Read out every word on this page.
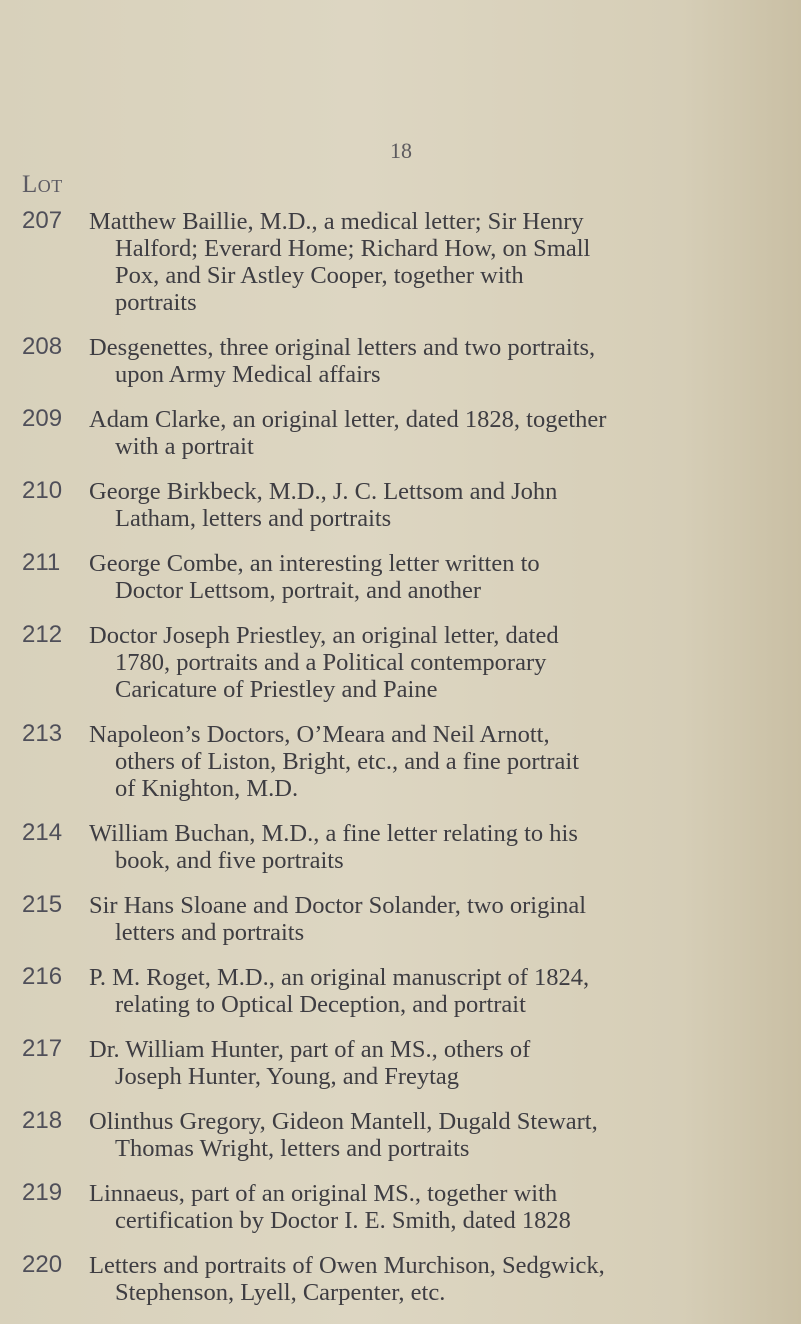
18
Lot
207	Matthew Baillie, M.D., a medical letter; Sir Henry
Halford; Everard Home; Richard How, on Small
Pox, and Sir Astley Cooper, together with
portraits
208	Desgenettes, three original letters and two portraits,
upon Army Medical affairs
209	Adam Clarke, an original letter, dated 1828, together
with a portrait
210	George Birkbeck, M.D., J. C. Lettsom and John
Latham, letters and portraits
211	George Combe, an interesting letter written to
Doctor Lettsom, portrait, and another
212	Doctor Joseph Priestley, an original letter, dated
1780, portraits and a Political contemporary
Caricature of Priestley and Paine
213	Napoleon’s Doctors, O’Meara and Neil Arnott,
others of Liston, Bright, etc., and a fine portrait
of Knighton, M.D.
214	William Buchan, M.D., a fine letter relating to his
book, and five portraits
215	Sir Hans Sloane and Doctor Solander, two original
letters and portraits
216	P. M. Roget, M.D., an original manuscript of 1824,
relating to Optical Deception, and portrait
217	Dr. William Hunter, part of an MS., others of
Joseph Hunter, Young, and Freytag
218	Olinthus Gregory, Gideon Mantell, Dugald Stewart,
Thomas Wright, letters and portraits
219	Linnaeus, part of an original MS., together with
certification by Doctor I. E. Smith, dated 1828
220	Letters and portraits of Owen Murchison, Sedgwick,
Stephenson, Lyell, Carpenter, etc.
